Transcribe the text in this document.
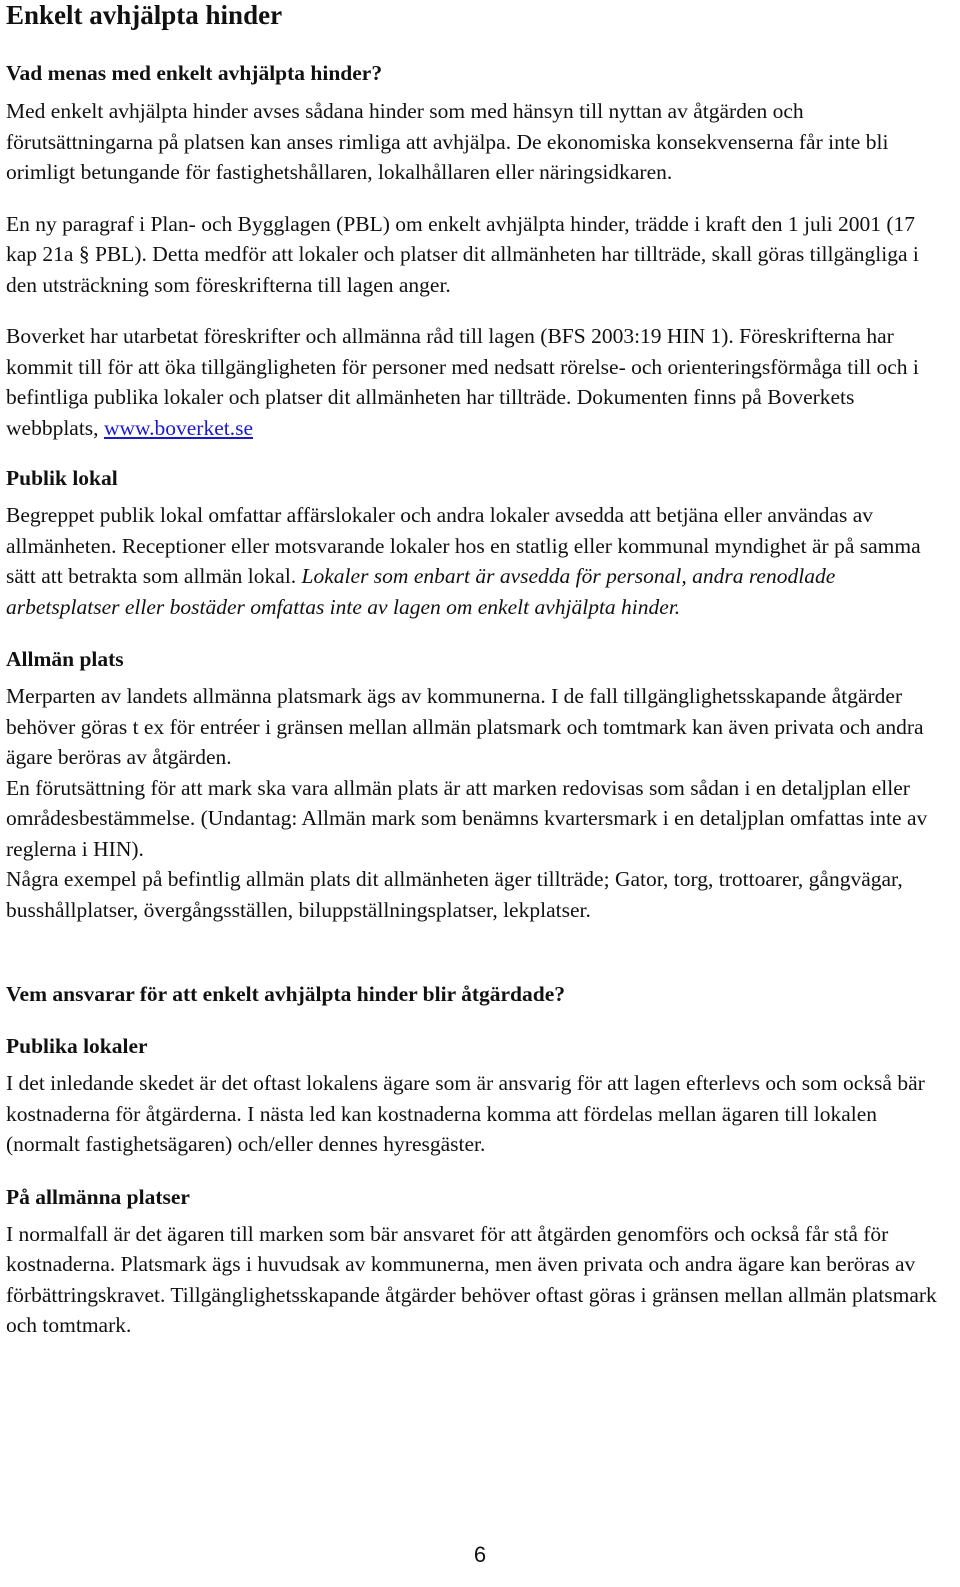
Enkelt avhjälpta hinder
Vad menas med enkelt avhjälpta hinder?

Med enkelt avhjälpta hinder avses sådana hinder som med hänsyn till nyttan av åtgärden och förutsättningarna på platsen kan anses rimliga att avhjälpa. De ekonomiska konsekvenserna får inte bli orimligt betungande för fastighetshållaren, lokalhållaren eller näringsidkaren.

En ny paragraf i Plan- och Bygglagen (PBL) om enkelt avhjälpta hinder, trädde i kraft den 1 juli 2001 (17 kap 21a § PBL). Detta medför att lokaler och platser dit allmänheten har tillträde, skall göras tillgängliga i den utsträckning som föreskrifterna till lagen anger.

Boverket har utarbetat föreskrifter och allmänna råd till lagen (BFS 2003:19 HIN 1). Föreskrifterna har kommit till för att öka tillgängligheten för personer med nedsatt rörelse- och orienteringsförmåga till och i befintliga publika lokaler och platser dit allmänheten har tillträde. Dokumenten finns på Boverkets webbplats, www.boverket.se

Publik lokal

Begreppet publik lokal omfattar affärslokaler och andra lokaler avsedda att betjäna eller användas av allmänheten. Receptioner eller motsvarande lokaler hos en statlig eller kommunal myndighet är på samma sätt att betrakta som allmän lokal. Lokaler som enbart är avsedda för personal, andra renodlade arbetsplatser eller bostäder omfattas inte av lagen om enkelt avhjälpta hinder.

Allmän plats

Merparten av landets allmänna platsmark ägs av kommunerna. I de fall tillgänglighetsskapande åtgärder behöver göras t ex för entréer i gränsen mellan allmän platsmark och tomtmark kan även privata och andra ägare beröras av åtgärden.

En förutsättning för att mark ska vara allmän plats är att marken redovisas som sådan i en detaljplan eller områdesbestämmelse. (Undantag: Allmän mark som benämns kvartersmark i en detaljplan omfattas inte av reglerna i HIN).

Några exempel på befintlig allmän plats dit allmänheten äger tillträde; Gator, torg, trottoarer, gångvägar, busshållplatser, övergångsställen, biluppställningsplatser, lekplatser.

Vem ansvarar för att enkelt avhjälpta hinder blir åtgärdade?
Publika lokaler

I det inledande skedet är det oftast lokalens ägare som är ansvarig för att lagen efterlevs och som också bär kostnaderna för åtgärderna. I nästa led kan kostnaderna komma att fördelas mellan ägaren till lokalen (normalt fastighetsägaren) och/eller dennes hyresgäster.

På allmänna platser

I normalfall är det ägaren till marken som bär ansvaret för att åtgärden genomförs och också får stå för kostnaderna. Platsmark ägs i huvudsak av kommunerna, men även privata och andra ägare kan beröras av förbättringskravet. Tillgänglighetsskapande åtgärder behöver oftast göras i gränsen mellan allmän platsmark och tomtmark.

6
